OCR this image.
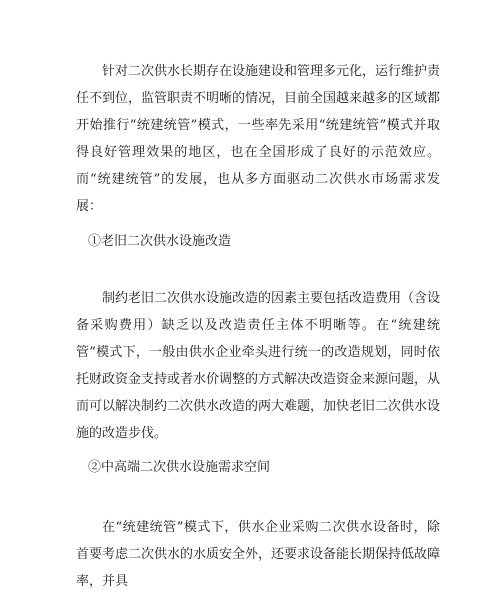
针对二次供水长期存在设施建设和管理多元化，运行维护责任不到位，监管职责不明晰的情况，目前全国越来越多的区域都开始推行“统建统管”模式，一些率先采用“统建统管”模式并取得良好管理效果的地区，也在全国形成了良好的示范效应。而“统建统管”的发展，也从多方面驱动二次供水市场需求发展：

①老旧二次供水设施改造

制约老旧二次供水设施改造的因素主要包括改造费用（含设备采购费用）缺乏以及改造责任主体不明晰等。在“统建统管”模式下，一般由供水企业牵头进行统一的改造规划，同时依托财政资金支持或者水价调整的方式解决改造资金来源问题，从而可以解决制约二次供水改造的两大难题，加快老旧二次供水设施的改造步伐。

②中高端二次供水设施需求空间

在“统建统管”模式下，供水企业采购二次供水设备时，除首要考虑二次供水的水质安全外，还要求设备能长期保持低故障率，并具
